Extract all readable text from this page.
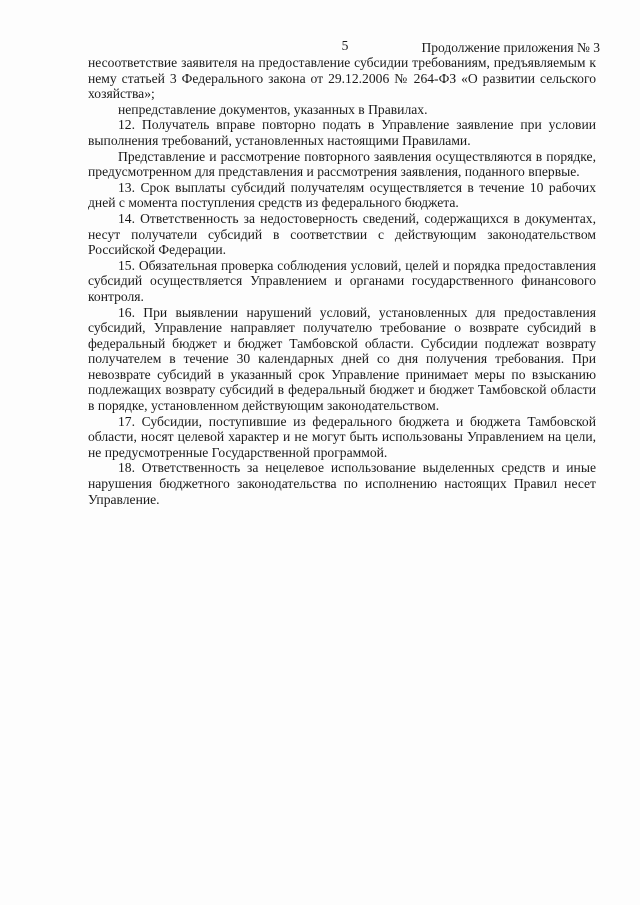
5	Продолжение приложения № 3

несоответствие заявителя на предоставление субсидии требованиям, предъявляемым к нему статьей 3 Федерального закона от 29.12.2006 № 264-ФЗ «О развитии сельского хозяйства»;

непредставление документов, указанных в Правилах.

12. Получатель вправе повторно подать в Управление заявление при условии выполнения требований, установленных настоящими Правилами.

Представление и рассмотрение повторного заявления осуществляются в порядке, предусмотренном для представления и рассмотрения заявления, поданного впервые.

13. Срок выплаты субсидий получателям осуществляется в течение 10 рабочих дней с момента поступления средств из федерального бюджета.

14. Ответственность за недостоверность сведений, содержащихся в документах, несут получатели субсидий в соответствии с действующим законодательством Российской Федерации.

15. Обязательная проверка соблюдения условий, целей и порядка предоставления субсидий осуществляется Управлением и органами государственного финансового контроля.

16. При выявлении нарушений условий, установленных для предоставления субсидий, Управление направляет получателю требование о возврате субсидий в федеральный бюджет и бюджет Тамбовской области. Субсидии подлежат возврату получателем в течение 30 календарных дней со дня получения требования. При невозврате субсидий в указанный срок Управление принимает меры по взысканию подлежащих возврату субсидий в федеральный бюджет и бюджет Тамбовской области в порядке, установленном действующим законодательством.

17. Субсидии, поступившие из федерального бюджета и бюджета Тамбовской области, носят целевой характер и не могут быть использованы Управлением на цели, не предусмотренные Государственной программой.

18. Ответственность за нецелевое использование выделенных средств и иные нарушения бюджетного законодательства по исполнению настоящих Правил несет Управление.
